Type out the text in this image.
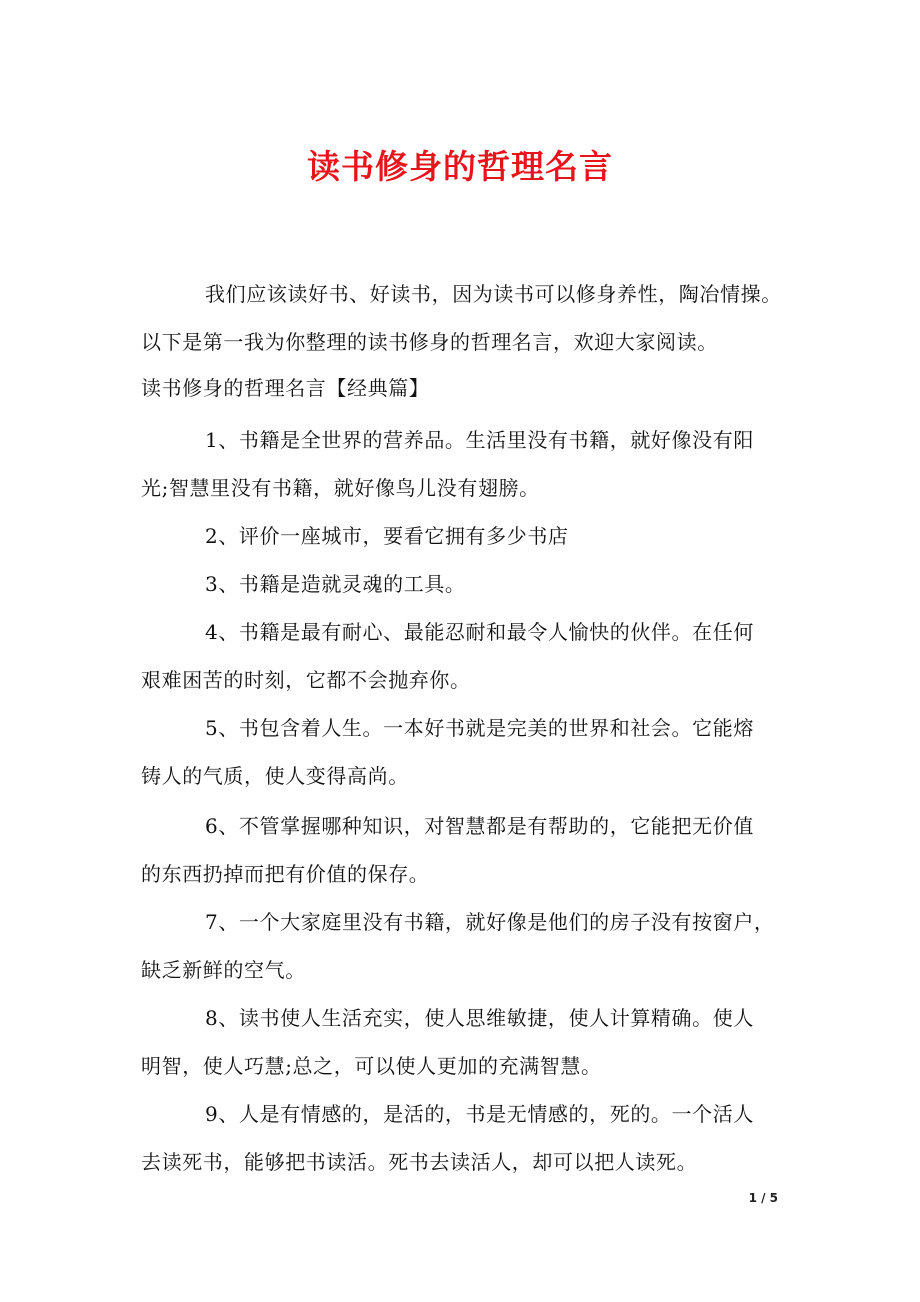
读书修身的哲理名言
我们应该读好书、好读书，因为读书可以修身养性，陶冶情操。
以下是第一我为你整理的读书修身的哲理名言，欢迎大家阅读。
读书修身的哲理名言【经典篇】
1、书籍是全世界的营养品。生活里没有书籍，就好像没有阳
光;智慧里没有书籍，就好像鸟儿没有翅膀。
2、评价一座城市，要看它拥有多少书店
3、书籍是造就灵魂的工具。
4、书籍是最有耐心、最能忍耐和最令人愉快的伙伴。在任何
艰难困苦的时刻，它都不会抛弃你。
5、书包含着人生。一本好书就是完美的世界和社会。它能熔
铸人的气质，使人变得高尚。
6、不管掌握哪种知识，对智慧都是有帮助的，它能把无价值
的东西扔掉而把有价值的保存。
7、一个大家庭里没有书籍，就好像是他们的房子没有按窗户，
缺乏新鲜的空气。
8、读书使人生活充实，使人思维敏捷，使人计算精确。使人
明智，使人巧慧;总之，可以使人更加的充满智慧。
9、人是有情感的，是活的，书是无情感的，死的。一个活人
去读死书，能够把书读活。死书去读活人，却可以把人读死。
1 / 5
